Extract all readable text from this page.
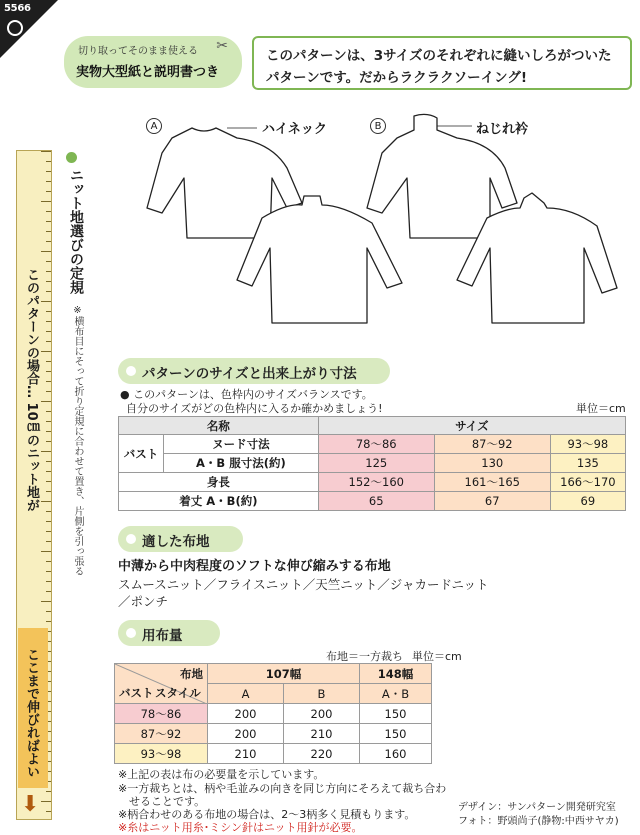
5566
切り取ってそのまま使える
実物大型紙と説明書つき
✂
このパターンは、3サイズのそれぞれに縫いしろがついた
パターンです。だからラクラクソーイング!
このパターンの場合… 10㎝のニット地が
ここまで伸びればよい
⬇
ニット地選びの定規
※横布目にそって折り定規に合わせて置き、片側を引っ張る
A	ハイネック	B	ねじれ衿
パターンのサイズと出来上がり寸法
● このパターンは、色枠内のサイズバランスです。
自分のサイズがどの色枠内に入るか確かめましょう!	単位＝cm
名称		サイズ		
バスト	ヌード寸法	78〜86	87〜92	93〜98
	A・B 服寸法(約)	125	130	135
身長		152〜160	161〜165	166〜170
着丈 A・B(約)		65	67	69
適した布地
中薄から中肉程度のソフトな伸び縮みする布地
スムースニット／フライスニット／天竺ニット／ジャカードニット
／ポンチ
用布量
布地＝一方裁ち 単位＝cm
布地
バスト スタイル	107幅		148幅
	A	B	A・B
78〜86	200	200	150
87〜92	200	210	150
93〜98	210	220	160
※上記の表は布の必要量を示しています。
※一方裁ちとは、柄や毛並みの向きを同じ方向にそろえて裁ち合わ
　せることです。
※柄合わせのある布地の場合は、2〜3柄多く見積もります。
※糸はニット用糸･ミシン針はニット用針が必要。
デザイン：サンパターン開発研究室
フォト：野頭尚子(静物:中西サヤカ)
